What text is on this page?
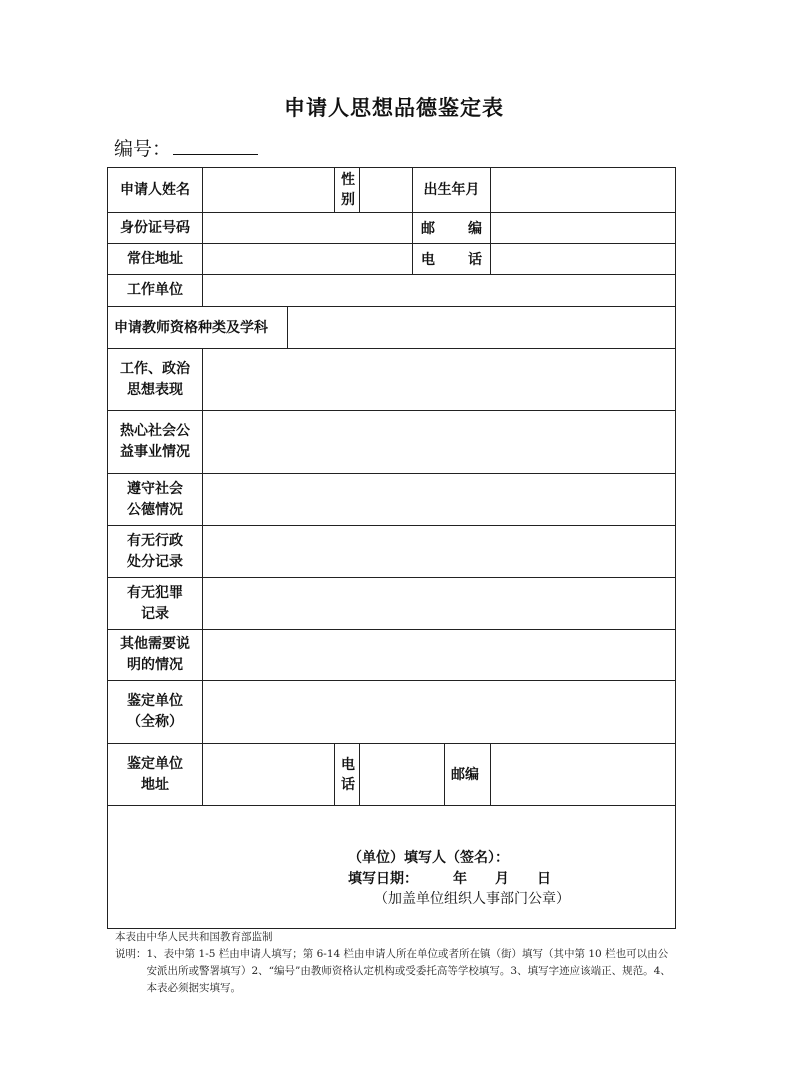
申请人思想品德鉴定表
编号：
申请人姓名			性别		出生年月		
身份证号码					邮 编		
常住地址					电 话		
工作单位							
申请教师资格种类及学科							
工作、政治思想表现							
热心社会公益事业情况							
遵守社会公德情况							
有无行政处分记录							
有无犯罪记录							
其他需要说明的情况							
鉴定单位（全称）							
鉴定单位地址			电话			邮编	

（单位）填写人（签名）：
填写日期：　　　年　　月　　日
（加盖单位组织人事部门公章）							
本表由中华人民共和国教育部监制
说明： 1、表中第 1-5 栏由申请人填写；第 6-14 栏由申请人所在单位或者所在镇（街）填写（其中第 10 栏也可以由公安派出所或警署填写）2、“编号”由教师资格认定机构或受委托高等学校填写。3、填写字迹应该端正、规范。4、本表必须据实填写。
